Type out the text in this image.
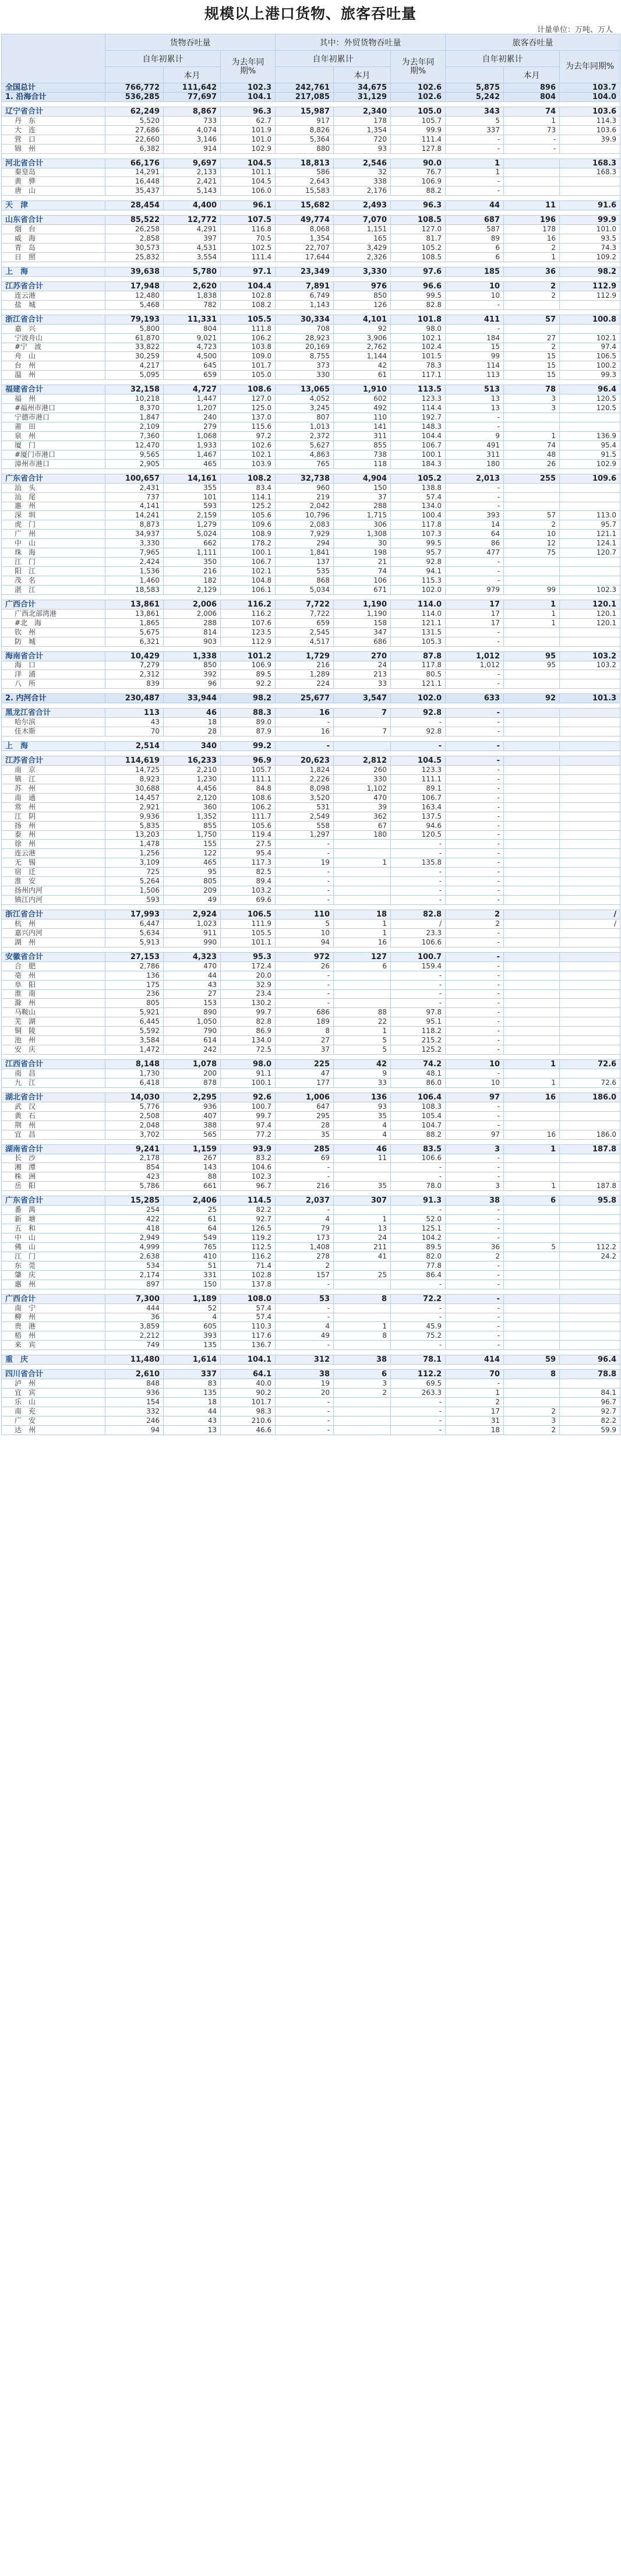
规模以上港口货物、旅客吞吐量
计量单位：万吨、万人
	货物吞吐量			其中：外贸货物吞吐量			旅客吞吐量		
	自年初累计		为去年同期%	自年初累计		为去年同期%	自年初累计		为去年同期%
		本月			本月			本月	
全国总计	766,772	111,642	102.3	242,761	34,675	102.6	5,875	896	103.7
1. 沿海合计	536,285	77,697	104.1	217,085	31,129	102.6	5,242	804	104.0

辽宁省合计	62,249	8,867	96.3	15,987	2,340	105.0	343	74	103.6
丹　东	5,520	733	62.7	917	178	105.7	5	1	114.3
大　连	27,686	4,074	101.9	8,826	1,354	99.9	337	73	103.6
营　口	22,660	3,146	101.0	5,364	720	111.4	-	-	39.9
锦　州	6,382	914	102.9	880	93	127.8	-	-	

河北省合计	66,176	9,697	104.5	18,813	2,546	90.0	1		168.3
秦皇岛	14,291	2,133	101.1	586	32	76.7	1		168.3
黄　骅	16,448	2,421	104.5	2,643	338	106.9	-		
唐　山	35,437	5,143	106.0	15,583	2,176	88.2	-		

天　津	28,454	4,400	96.1	15,682	2,493	96.3	44	11	91.6

山东省合计	85,522	12,772	107.5	49,774	7,070	108.5	687	196	99.9
烟　台	26,258	4,291	116.8	8,068	1,151	127.0	587	178	101.0
威　海	2,858	397	70.5	1,354	165	81.7	89	16	93.5
青　岛	30,573	4,531	102.5	22,707	3,429	105.2	6	2	74.3
日　照	25,832	3,554	111.4	17,644	2,326	108.5	6	1	109.2

上　海	39,638	5,780	97.1	23,349	3,330	97.6	185	36	98.2

江苏省合计	17,948	2,620	104.4	7,891	976	96.6	10	2	112.9
连云港	12,480	1,838	102.8	6,749	850	99.5	10	2	112.9
盐　城	5,468	782	108.2	1,143	126	82.8	-		

浙江省合计	79,193	11,331	105.5	30,334	4,101	101.8	411	57	100.8
嘉　兴	5,800	804	111.8	708	92	98.0	-		
宁波舟山	61,870	9,021	106.2	28,923	3,906	102.1	184	27	102.1
#宁　波	33,822	4,723	103.8	20,169	2,762	102.4	15	2	97.4
舟　山	30,259	4,500	109.0	8,755	1,144	101.5	99	15	106.5
台　州	4,217	645	101.7	373	42	78.3	114	15	100.2
温　州	5,095	659	105.0	330	61	117.1	113	15	99.3

福建省合计	32,158	4,727	108.6	13,065	1,910	113.5	513	78	96.4
福　州	10,218	1,447	127.0	4,052	602	123.3	13	3	120.5
#福州市港口	8,370	1,207	125.0	3,245	492	114.4	13	3	120.5
宁德市港口	1,847	240	137.0	807	110	192.7	-		
莆　田	2,109	279	115.6	1,013	141	148.3	-		
泉　州	7,360	1,068	97.2	2,372	311	104.4	9	1	136.9
厦　门	12,470	1,933	102.6	5,627	855	106.7	491	74	95.4
#厦门市港口	9,565	1,467	102.1	4,863	738	100.1	311	48	91.5
漳州市港口	2,905	465	103.9	765	118	184.3	180	26	102.9

广东省合计	100,657	14,161	108.2	32,738	4,904	105.2	2,013	255	109.6
汕　头	2,431	355	83.4	960	150	138.8	-		
汕　尾	737	101	114.1	219	37	57.4	-		
惠　州	4,141	593	125.2	2,042	288	134.0	-		
深　圳	14,241	2,159	105.6	10,796	1,715	100.4	393	57	113.0
虎　门	8,873	1,279	109.6	2,083	306	117.8	14	2	95.7
广　州	34,937	5,024	108.9	7,929	1,308	107.3	64	10	121.1
中　山	3,330	662	178.2	294	30	99.5	86	12	124.1
珠　海	7,965	1,111	100.1	1,841	198	95.7	477	75	120.7
江　门	2,424	350	106.7	137	21	92.8	-		
阳　江	1,536	216	102.1	535	74	94.1	-		
茂　名	1,460	182	104.8	868	106	115.3	-		
湛　江	18,583	2,129	106.1	5,034	671	102.0	979	99	102.3

广西合计	13,861	2,006	116.2	7,722	1,190	114.0	17	1	120.1
广西北部湾港	13,861	2,006	116.2	7,722	1,190	114.0	17	1	120.1
#北　海	1,865	288	107.6	659	158	121.1	17	1	120.1
钦　州	5,675	814	123.5	2,545	347	131.5	-		
防　城	6,321	903	112.9	4,517	686	105.3	-		

海南省合计	10,429	1,338	101.2	1,729	270	87.8	1,012	95	103.2
海　口	7,279	850	106.9	216	24	117.8	1,012	95	103.2
洋　浦	2,312	392	89.5	1,289	213	80.5	-		
八　所	839	96	92.2	224	33	121.1	-		

2. 内河合计	230,487	33,944	98.2	25,677	3,547	102.0	633	92	101.3

黑龙江省合计	113	46	88.3	16	7	92.8	-		
哈尔滨	43	18	89.0	-		-	-		
佳木斯	70	28	87.9	16	7	92.8	-		

上　海	2,514	340	99.2	-		-	-		

江苏省合计	114,619	16,233	96.9	20,623	2,812	104.5	-		
南　京	14,725	2,210	105.7	1,824	260	123.3	-		
镇　江	8,923	1,230	111.1	2,226	330	111.1	-		
苏　州	30,688	4,456	84.8	8,098	1,102	89.1	-		
南　通	14,457	2,120	108.6	3,520	470	106.7	-		
常　州	2,921	360	106.2	531	39	163.4	-		
江　阴	9,936	1,352	111.7	2,549	362	137.5	-		
扬　州	5,835	855	105.6	558	67	94.6	-		
泰　州	13,203	1,750	119.4	1,297	180	120.5	-		
徐　州	1,478	155	27.5	-		-	-		
连云港	1,256	122	95.4	-		-	-		
无　锡	3,109	465	117.3	19	1	135.8	-		
宿　迁	725	95	82.5	-		-	-		
淮　安	5,264	805	89.4	-		-	-		
扬州内河	1,506	209	103.2	-		-	-		
镇江内河	593	49	69.6	-		-	-		

浙江省合计	17,993	2,924	106.5	110	18	82.8	2		/
杭　州	6,447	1,023	111.9	5	1	/	2		/
嘉兴内河	5,634	911	105.5	10	1	23.3	-		
湖　州	5,913	990	101.1	94	16	106.6	-		

安徽省合计	27,153	4,323	95.3	972	127	100.7	-		
合　肥	2,786	470	172.4	26	6	159.4	-		
亳　州	136	44	20.0	-		-	-		
阜　阳	175	43	32.9	-		-	-		
淮　南	236	27	23.4	-		-	-		
滁　州	805	153	130.2	-		-	-		
马鞍山	5,921	890	99.7	686	88	97.8	-		
芜　湖	6,445	1,050	82.8	189	22	95.1	-		
铜　陵	5,592	790	86.9	8	1	118.2	-		
池　州	3,584	614	134.0	27	5	215.2	-		
安　庆	1,472	242	72.5	37	5	125.2	-		

江西省合计	8,148	1,078	98.0	225	42	74.2	10	1	72.6
南　昌	1,730	200	91.1	47	9	48.1	-		
九　江	6,418	878	100.1	177	33	86.0	10	1	72.6

湖北省合计	14,030	2,295	92.6	1,006	136	106.4	97	16	186.0
武　汉	5,776	936	100.7	647	93	108.3	-		
黄　石	2,508	407	99.7	295	35	105.4	-		
荆　州	2,048	388	97.4	28	4	104.7	-		
宜　昌	3,702	565	77.2	35	4	88.2	97	16	186.0

湖南省合计	9,241	1,159	93.9	285	46	83.5	3	1	187.8
长　沙	2,178	267	83.2	69	11	106.6	-		
湘　潭	854	143	104.6	-		-	-		
株　洲	423	88	102.3	-		-	-		
岳　阳	5,786	661	96.7	216	35	78.0	3	1	187.8

广东省合计	15,285	2,406	114.5	2,037	307	91.3	38	6	95.8
番　禺	254	25	82.2	-		-	-		
新　塘	422	61	92.7	4	1	52.0	-		
五　和	418	64	126.5	79	13	125.1	-		
中　山	2,949	549	119.2	173	24	104.2	-		
佛　山	4,999	765	112.5	1,408	211	89.5	36	5	112.2
江　门	2,638	410	116.2	278	41	82.0	2		24.2
东　莞	534	51	71.4	2		77.8	-		
肇　庆	2,174	331	102.8	157	25	86.4	-		
惠　州	897	150	137.8	-		-	-		

广西合计	7,300	1,189	108.0	53	8	72.2	-		
南　宁	444	52	57.4	-		-	-		
柳　州	36	4	57.4	-		-	-		
贵　港	3,859	605	110.3	4	1	45.9	-		
梧　州	2,212	393	117.6	49	8	75.2	-		
来　宾	749	135	136.7	-		-	-		

重　庆	11,480	1,614	104.1	312	38	78.1	414	59	96.4

四川省合计	2,610	337	64.1	38	6	112.2	70	8	78.8
泸　州	848	83	40.0	19	3	69.5	-		
宜　宾	936	135	90.2	20	2	263.3	1		84.1
乐　山	154	18	101.7	-		-	2		96.7
南　充	332	44	98.3	-		-	17	2	92.7
广　安	246	43	210.6	-		-	31	3	82.2
达　州	94	13	46.6	-		-	18	2	59.9
